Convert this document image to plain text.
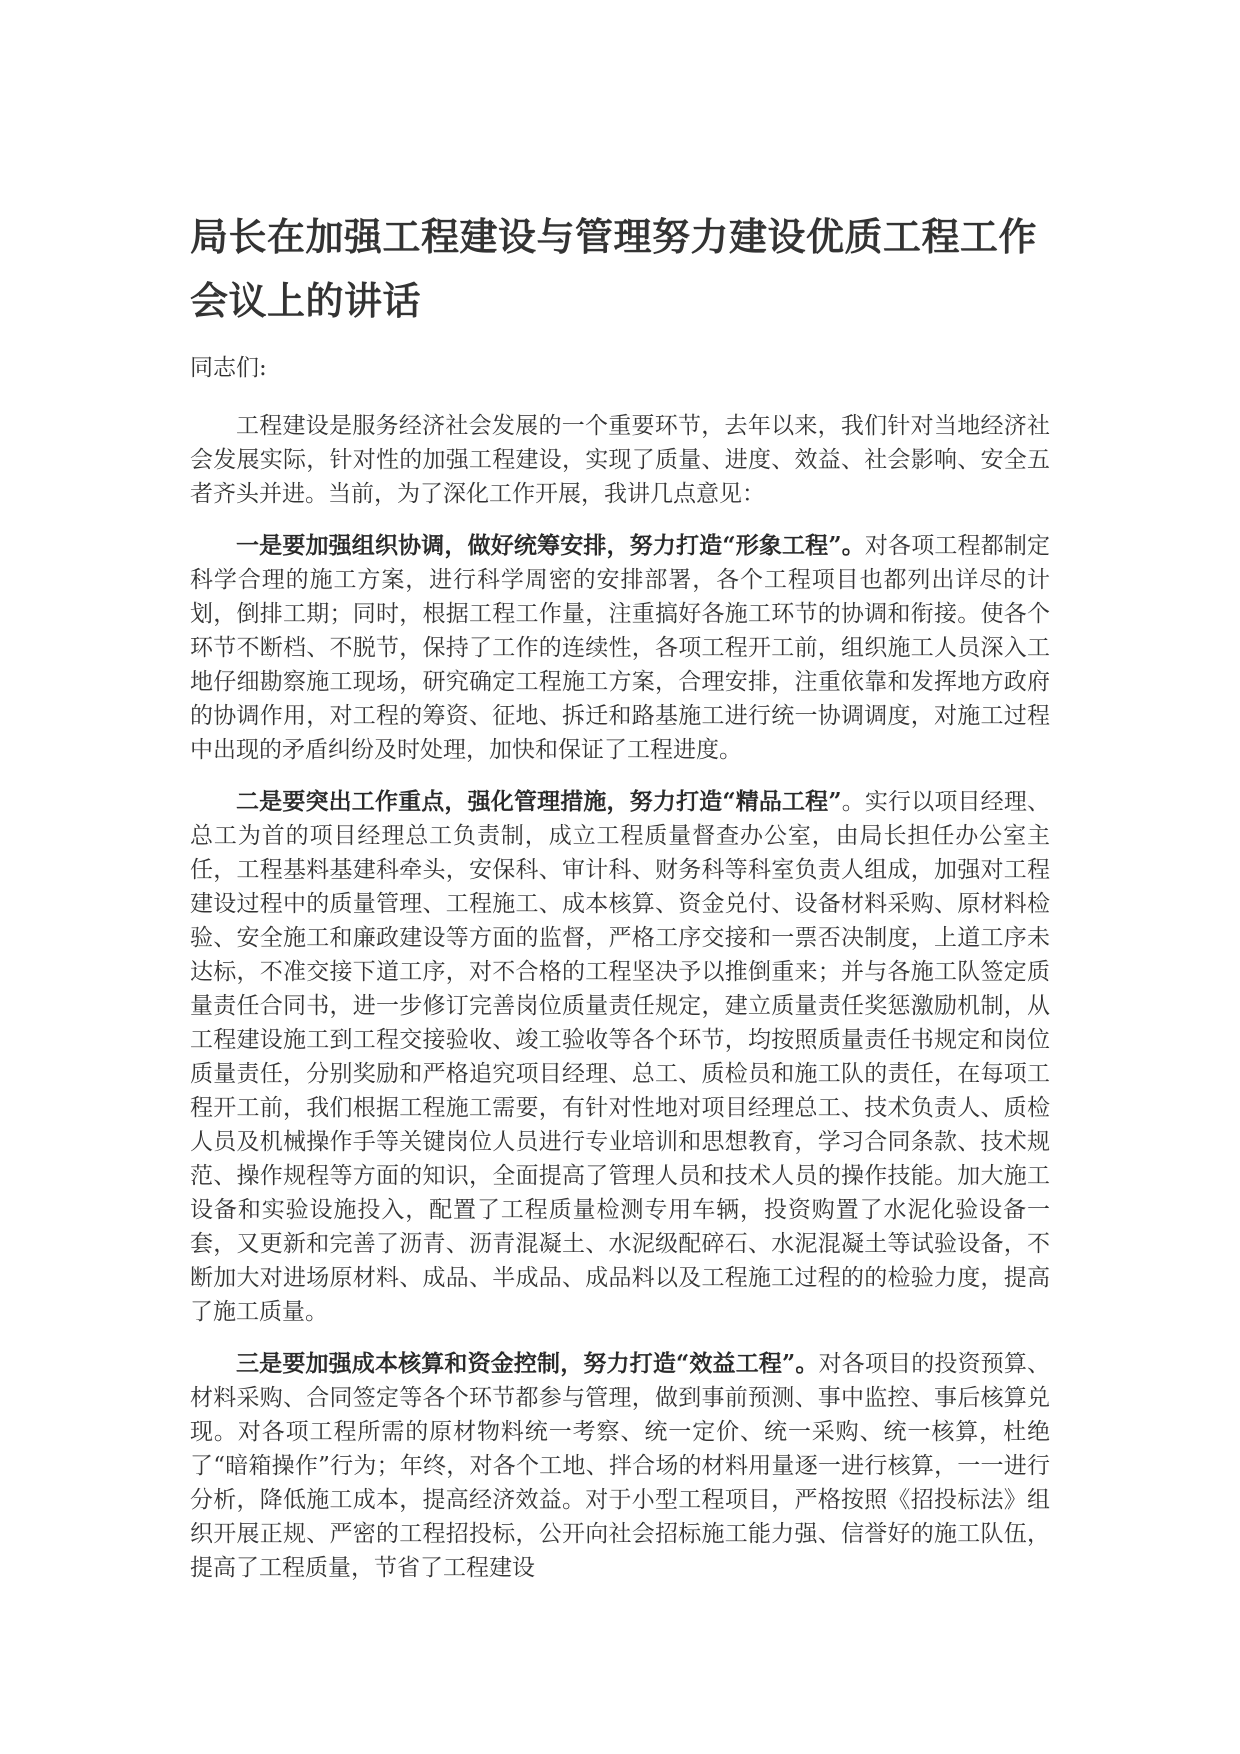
局长在加强工程建设与管理努力建设优质工程工作会议上的讲话

同志们:

工程建设是服务经济社会发展的一个重要环节，去年以来，我们针对当地经济社会发展实际，针对性的加强工程建设，实现了质量、进度、效益、社会影响、安全五者齐头并进。当前，为了深化工作开展，我讲几点意见：

一是要加强组织协调，做好统筹安排，努力打造“形象工程”。对各项工程都制定科学合理的施工方案，进行科学周密的安排部署，各个工程项目也都列出详尽的计划，倒排工期；同时，根据工程工作量，注重搞好各施工环节的协调和衔接。使各个环节不断档、不脱节，保持了工作的连续性，各项工程开工前，组织施工人员深入工地仔细勘察施工现场，研究确定工程施工方案，合理安排，注重依靠和发挥地方政府的协调作用，对工程的筹资、征地、拆迁和路基施工进行统一协调调度，对施工过程中出现的矛盾纠纷及时处理，加快和保证了工程进度。

二是要突出工作重点，强化管理措施，努力打造“精品工程”。实行以项目经理、总工为首的项目经理总工负责制，成立工程质量督查办公室，由局长担任办公室主任，工程基料基建科牵头，安保科、审计科、财务科等科室负责人组成，加强对工程建设过程中的质量管理、工程施工、成本核算、资金兑付、设备材料采购、原材料检验、安全施工和廉政建设等方面的监督，严格工序交接和一票否决制度，上道工序未达标，不准交接下道工序，对不合格的工程坚决予以推倒重来；并与各施工队签定质量责任合同书，进一步修订完善岗位质量责任规定，建立质量责任奖惩激励机制，从工程建设施工到工程交接验收、竣工验收等各个环节，均按照质量责任书规定和岗位质量责任，分别奖励和严格追究项目经理、总工、质检员和施工队的责任，在每项工程开工前，我们根据工程施工需要，有针对性地对项目经理总工、技术负责人、质检人员及机械操作手等关键岗位人员进行专业培训和思想教育，学习合同条款、技术规范、操作规程等方面的知识，全面提高了管理人员和技术人员的操作技能。加大施工设备和实验设施投入，配置了工程质量检测专用车辆，投资购置了水泥化验设备一套，又更新和完善了沥青、沥青混凝土、水泥级配碎石、水泥混凝土等试验设备，不断加大对进场原材料、成品、半成品、成品料以及工程施工过程的的检验力度，提高了施工质量。

三是要加强成本核算和资金控制，努力打造“效益工程”。对各项目的投资预算、材料采购、合同签定等各个环节都参与管理，做到事前预测、事中监控、事后核算兑现。对各项工程所需的原材物料统一考察、统一定价、统一采购、统一核算，杜绝了“暗箱操作”行为；年终，对各个工地、拌合场的材料用量逐一进行核算，一一进行分析，降低施工成本，提高经济效益。对于小型工程项目，严格按照《招投标法》组织开展正规、严密的工程招投标，公开向社会招标施工能力强、信誉好的施工队伍，提高了工程质量，节省了工程建设
